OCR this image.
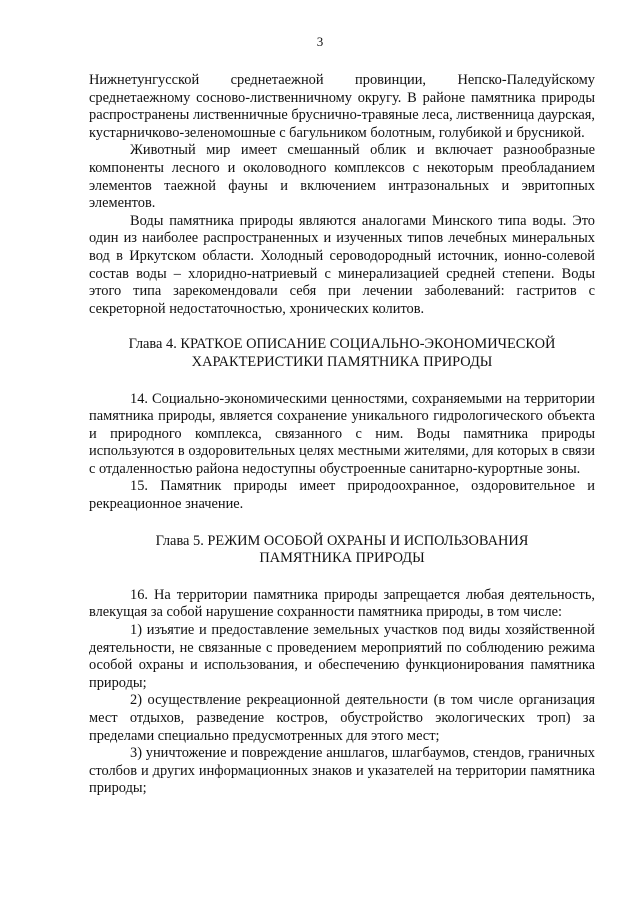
3

Нижнетунгусской среднетаежной провинции, Непско-Паледуйскому среднетаежному сосново-лиственничному округу. В районе памятника природы распространены лиственничные бруснично-травяные леса, лиственница даурская, кустарничково-зеленомошные с багульником болотным, голубикой и брусникой.

Животный мир имеет смешанный облик и включает разнообразные компоненты лесного и околоводного комплексов с некоторым преобладанием элементов таежной фауны и включением интразональных и эвритопных элементов.

Воды памятника природы являются аналогами Минского типа воды. Это один из наиболее распространенных и изученных типов лечебных минеральных вод в Иркутском области. Холодный сероводородный источник, ионно-солевой состав воды – хлоридно-натриевый с минерализацией средней степени. Воды этого типа зарекомендовали себя при лечении заболеваний: гастритов с секреторной недостаточностью, хронических колитов.

Глава 4. КРАТКОЕ ОПИСАНИЕ СОЦИАЛЬНО-ЭКОНОМИЧЕСКОЙ

ХАРАКТЕРИСТИКИ ПАМЯТНИКА ПРИРОДЫ

14. Социально-экономическими ценностями, сохраняемыми на территории памятника природы, является сохранение уникального гидрологического объекта и природного комплекса, связанного с ним. Воды памятника природы используются в оздоровительных целях местными жителями, для которых в связи с отдаленностью района недоступны обустроенные санитарно-курортные зоны.

15. Памятник природы имеет природоохранное, оздоровительное и рекреационное значение.

Глава 5. РЕЖИМ ОСОБОЙ ОХРАНЫ И ИСПОЛЬЗОВАНИЯ

ПАМЯТНИКА ПРИРОДЫ

16. На территории памятника природы запрещается любая деятельность, влекущая за собой нарушение сохранности памятника природы, в том числе:

1) изъятие и предоставление земельных участков под виды хозяйственной деятельности, не связанные с проведением мероприятий по соблюдению режима особой охраны и использования, и обеспечению функционирования памятника природы;

2) осуществление рекреационной деятельности (в том числе организация мест отдыхов, разведение костров, обустройство экологических троп) за пределами специально предусмотренных для этого мест;

3) уничтожение и повреждение аншлагов, шлагбаумов, стендов, граничных столбов и других информационных знаков и указателей на территории памятника природы;
